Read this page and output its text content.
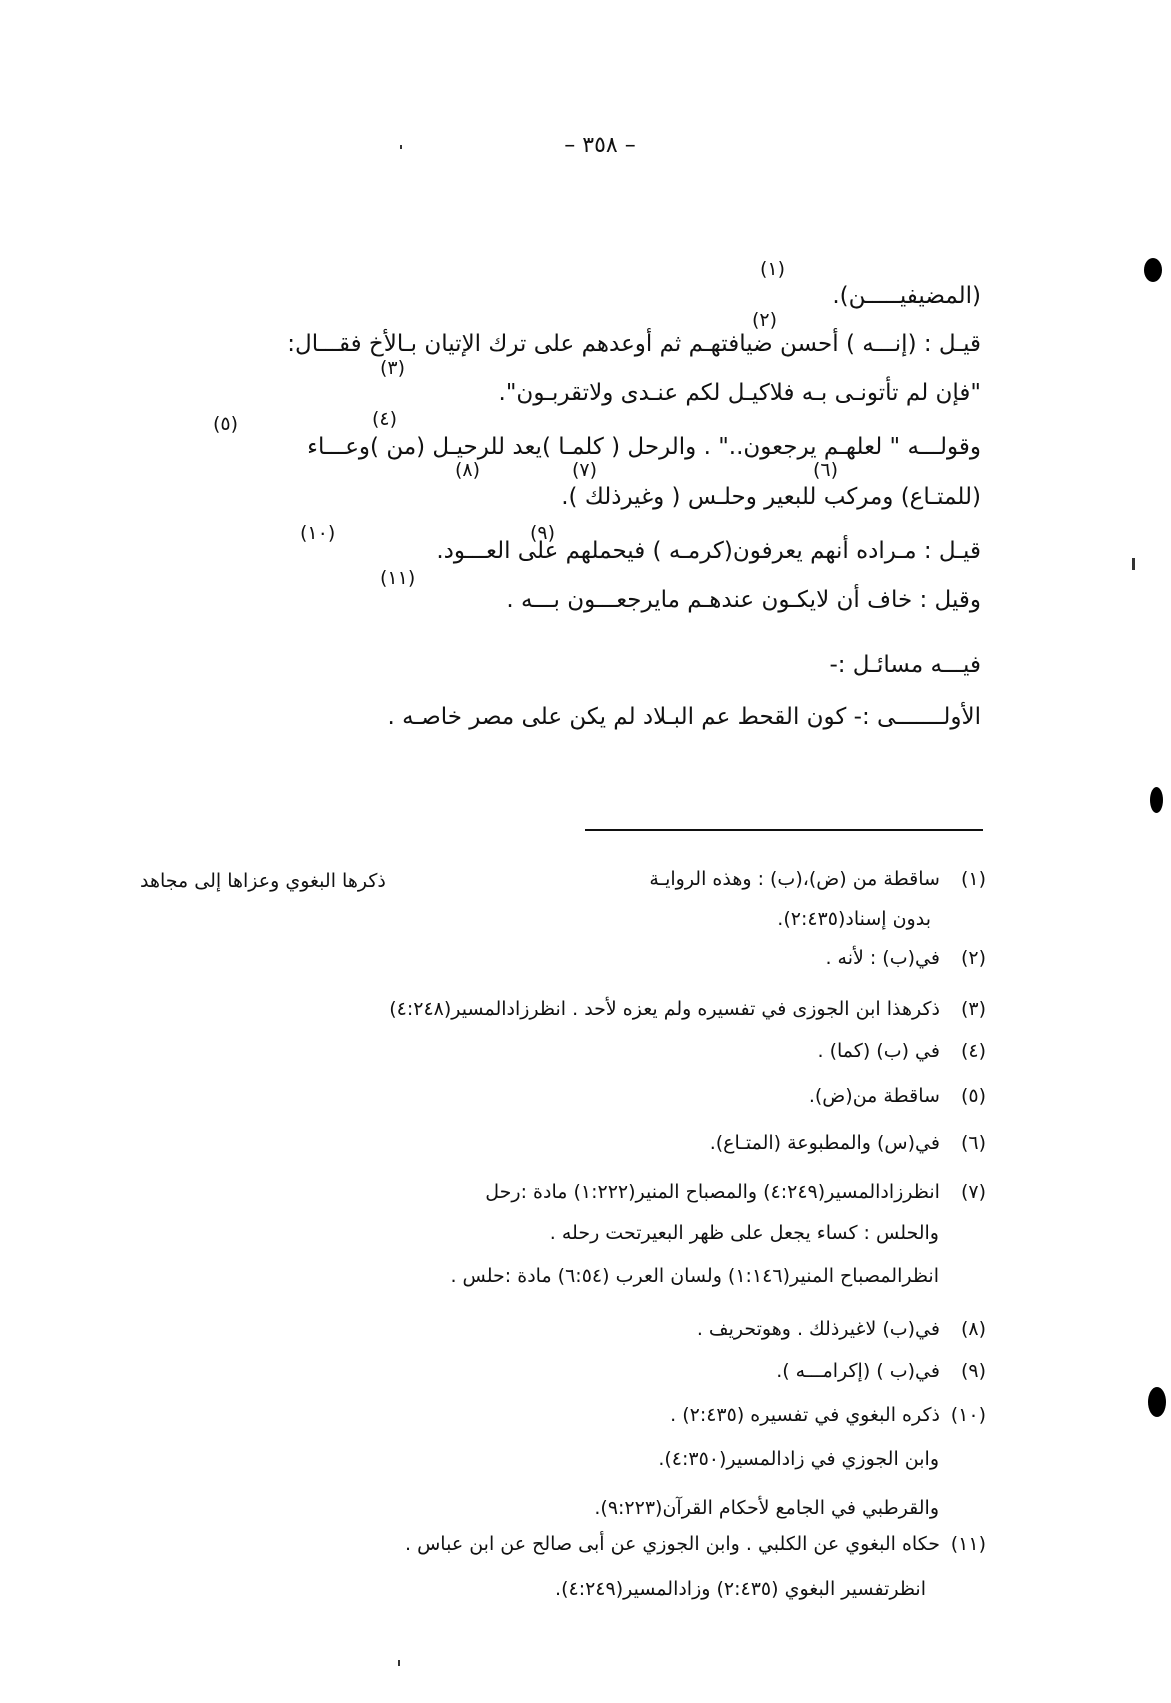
– ٣٥٨ –
(١)
(٢)
(٣)
(٤)
(٥)
(٦)
(٧)
(٨)
(٩)
(١٠)
(١١)
(المضيفيـــــن).
قيـل : (إنـــه ) أحسن ضيافتهـم ثم أوعدهم على ترك الإتيان بـالأخ فقـــال:
"فإن لم تأتونـى بـه فلاكيـل لكم عنـدى ولاتقربـون".
وقولـــه " لعلهـم يرجعون.." . والرحل ( كلمـا )يعد للرحيـل (من )وعـــاء
(للمتـاع) ومركب للبعير وحلـس ( وغيرذلك ).
قيـل : مـراده أنهم يعرفون(كرمـه ) فيحملهم على العـــود.
وقيل : خاف أن لايكـون عندهـم مايرجعـــون بـــه .
فيـــه مسائـل :-
الأولـــــــى :- كون القحط عم البـلاد لم يكن على مصر خاصـه .
(١) ساقطة من (ض)،(ب) : وهذه الروايـة
ذكرها البغوي وعزاها إلى مجاهد
بدون إسناد(٢:٤٣٥).
(٢) في(ب) : لأنه .
(٣) ذكرهذا ابن الجوزى في تفسيره ولم يعزه لأحد . انظرزادالمسير(٤:٢٤٨)
(٤) في (ب) (كما) .
(٥) ساقطة من(ض).
(٦) في(س) والمطبوعة (المتـاع).
(٧) انظرزادالمسير(٤:٢٤٩) والمصباح المنير(١:٢٢٢) مادة :رحل
والحلس : كساء يجعل على ظهر البعيرتحت رحله .
انظرالمصباح المنير(١:١٤٦) ولسان العرب (٦:٥٤) مادة :حلس .
(٨) في(ب) لاغيرذلك . وهوتحريف .
(٩) في(ب ) (إكرامـــه ).
(١٠) ذكره البغوي في تفسيره (٢:٤٣٥) .
وابن الجوزي في زادالمسير(٤:٣٥٠).
والقرطبي في الجامع لأحكام القرآن(٩:٢٢٣).
(١١) حكاه البغوي عن الكلبي . وابن الجوزي عن أبى صالح عن ابن عباس .
انظرتفسير البغوي (٢:٤٣٥) وزادالمسير(٤:٢٤٩).
